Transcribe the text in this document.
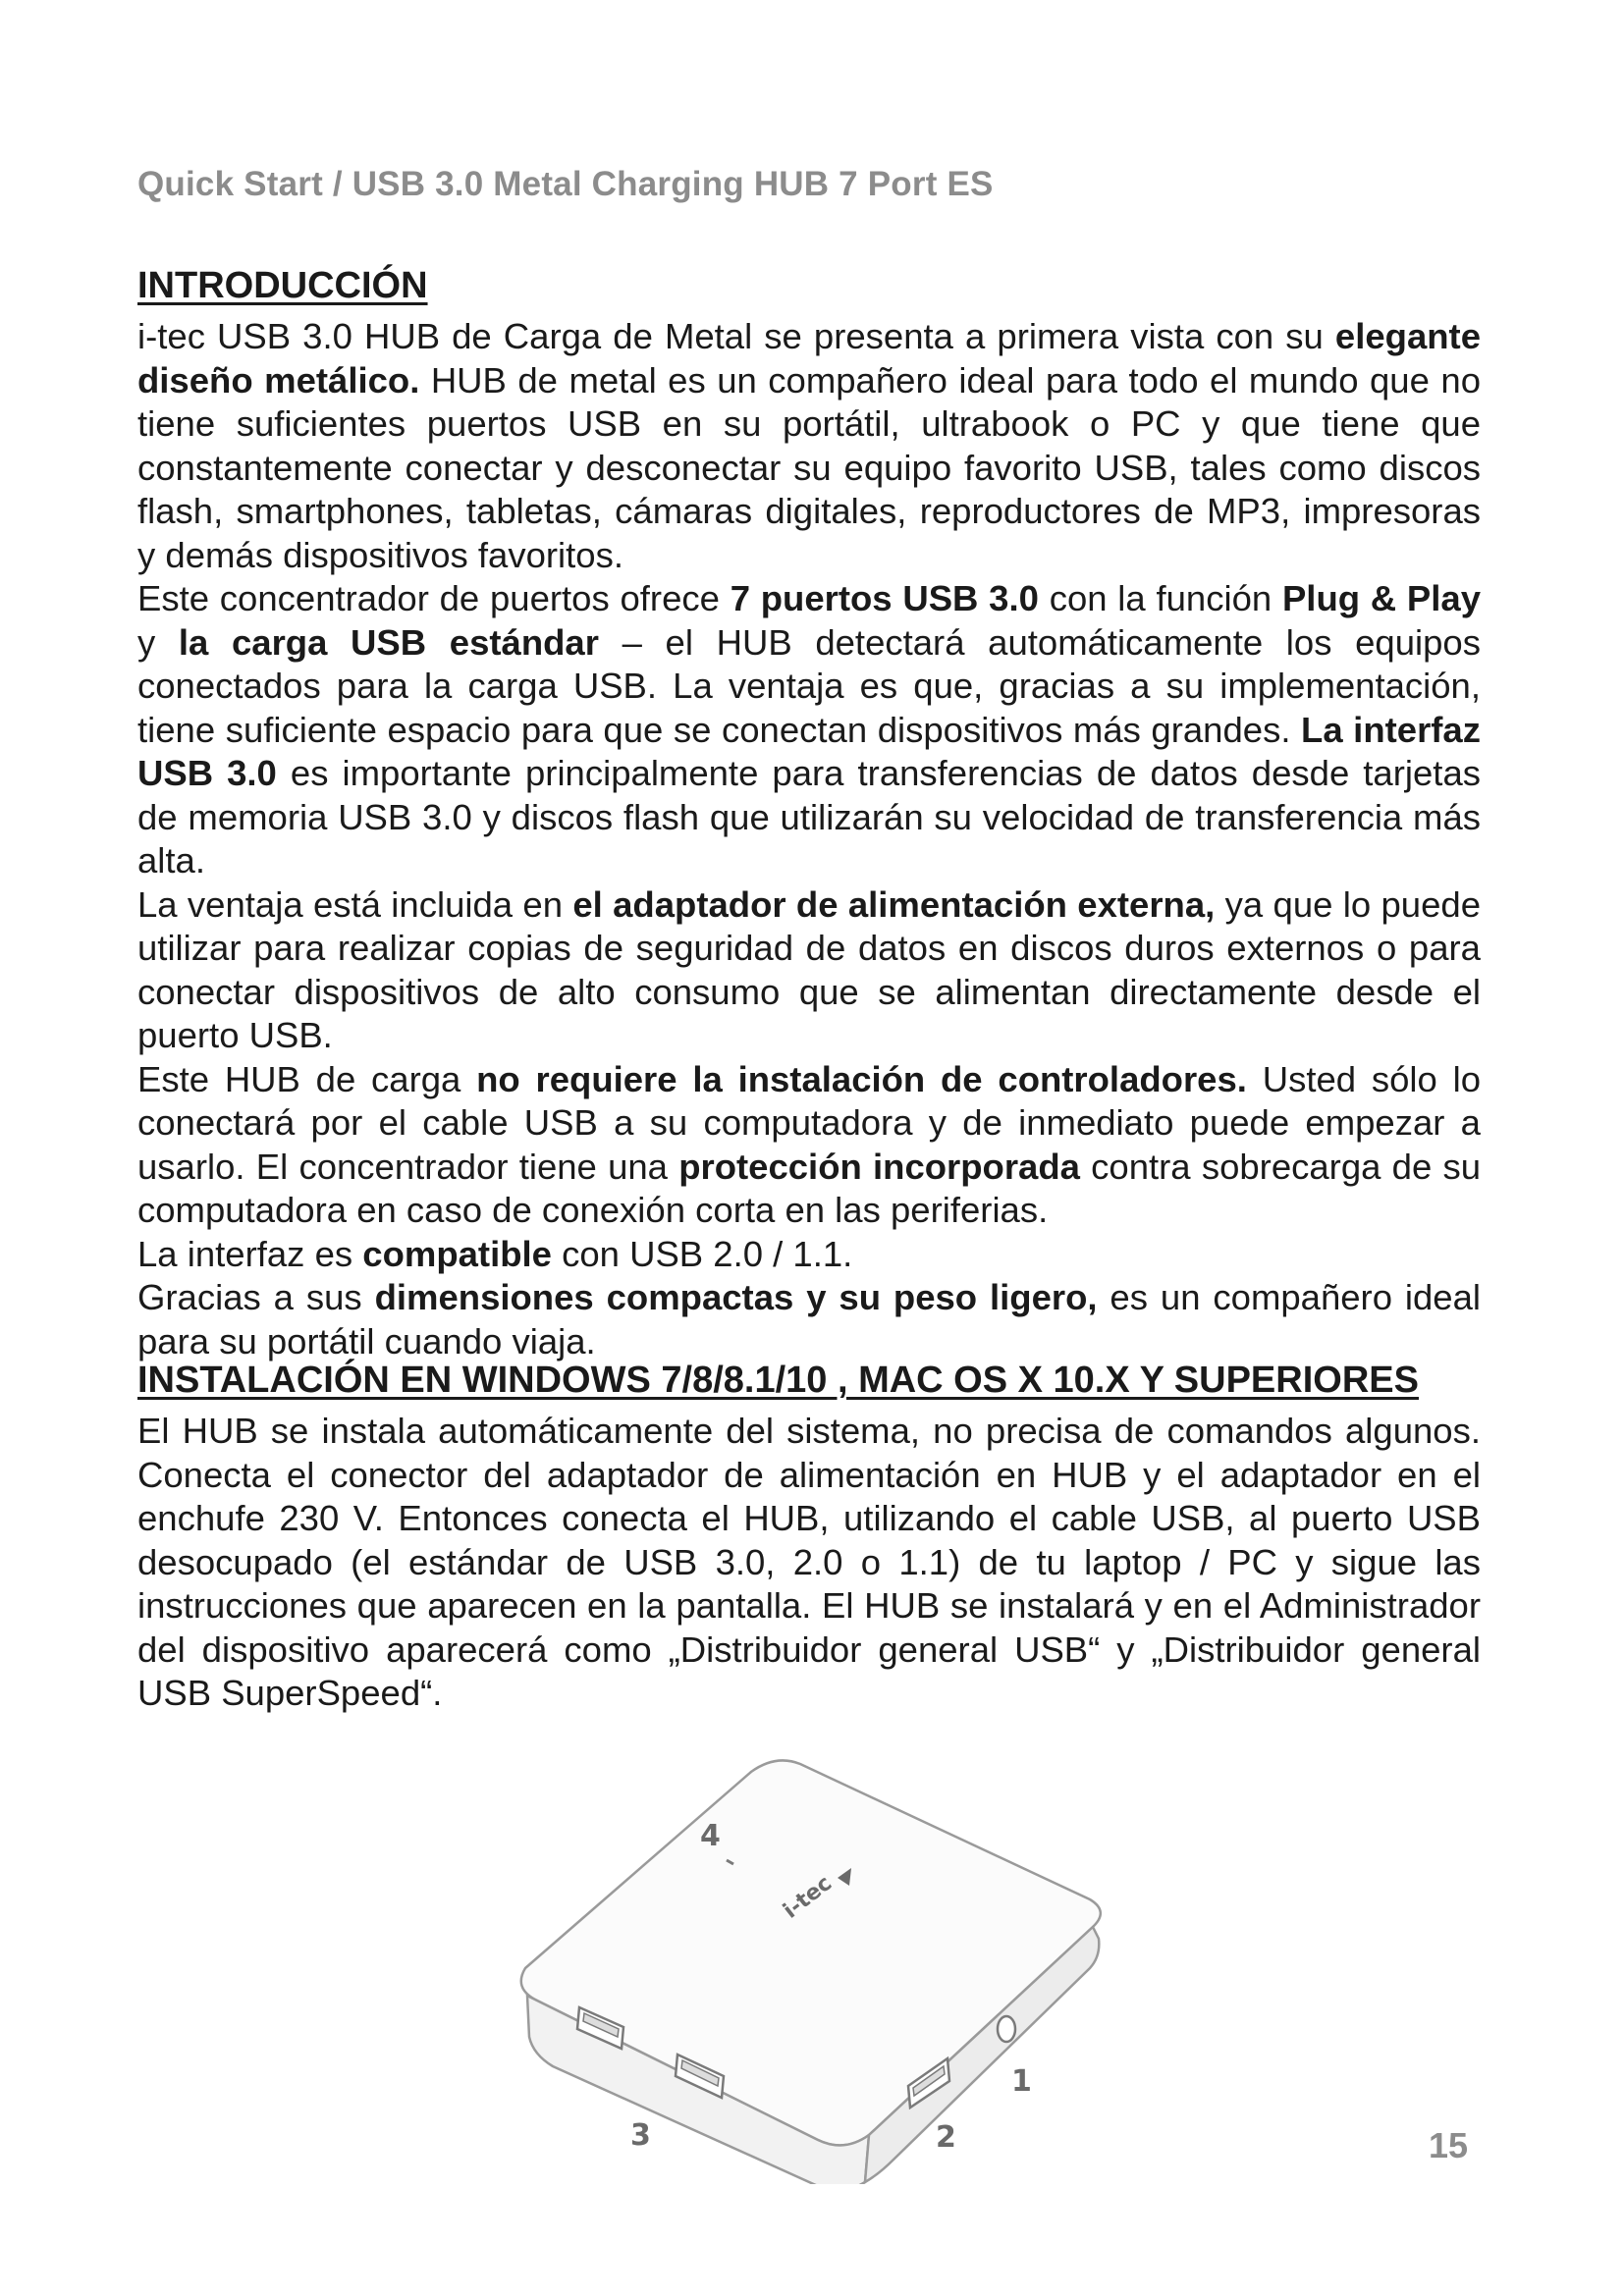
Quick Start / USB 3.0 Metal Charging HUB 7 Port ES
INTRODUCCIÓN

i-tec USB 3.0 HUB de Carga de Metal se presenta a primera vista con su elegante diseño metálico. HUB de metal es un compañero ideal para todo el mundo que no tiene suficientes puertos USB en su portátil, ultrabook o PC y que tiene que constantemente conectar y desconectar su equipo favorito USB, tales como discos flash, smartphones, tabletas, cámaras digitales, reproductores de MP3, impresoras y demás dispositivos favoritos.

Este concentrador de puertos ofrece 7 puertos USB 3.0 con la función Plug & Play y la carga USB estándar – el HUB detectará automáticamente los equipos conectados para la carga USB. La ventaja es que, gracias a su implementación, tiene suficiente espacio para que se conectan dispositivos más grandes. La interfaz USB 3.0 es importante principalmente para transferencias de datos desde tarjetas de memoria USB 3.0 y discos flash que utilizarán su velocidad de transferencia más alta.

La ventaja está incluida en el adaptador de alimentación externa, ya que lo puede utilizar para realizar copias de seguridad de datos en discos duros externos o para conectar dispositivos de alto consumo que se alimentan directamente desde el puerto USB.

Este HUB de carga no requiere la instalación de controladores. Usted sólo lo conectará por el cable USB a su computadora y de inmediato puede empezar a usarlo. El concentrador tiene una protección incorporada contra sobrecarga de su computadora en caso de conexión corta en las periferias.

La interfaz es compatible con USB 2.0 / 1.1.

Gracias a sus dimensiones compactas y su peso ligero, es un compañero ideal para su portátil cuando viaja.

INSTALACIÓN EN WINDOWS 7/8/8.1/10 , MAC OS X 10.X Y SUPERIORES

El HUB se instala automáticamente del sistema, no precisa de comandos algunos. Conecta el conector del adaptador de alimentación en HUB y el adaptador en el enchufe 230 V. Entonces conecta el HUB, utilizando el cable USB, al puerto USB desocupado (el estándar de USB 3.0, 2.0 o 1.1) de tu laptop / PC y sigue las instrucciones que aparecen en la pantalla. El HUB se instalará y en el Administrador del dispositivo aparecerá como „Distribuidor general USB“ y „Distribuidor general USB SuperSpeed“.

4
i-tec
1
2
3	15
